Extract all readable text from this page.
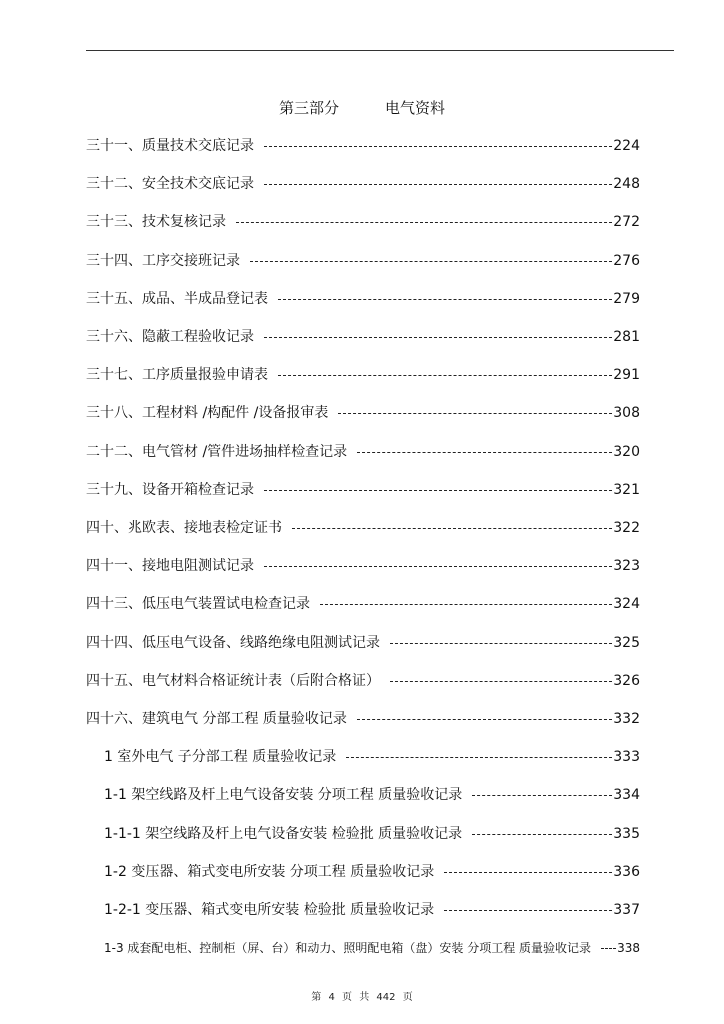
第三部分	电气资料
三十一、质量技术交底记录	224
三十二、安全技术交底记录	248
三十三、技术复核记录	272
三十四、工序交接班记录	276
三十五、成品、半成品登记表	279
三十六、隐蔽工程验收记录	281
三十七、工序质量报验申请表	291
三十八、工程材料 /构配件 /设备报审表	308
二十二、电气管材 /管件进场抽样检查记录	320
三十九、设备开箱检查记录	321
四十、兆欧表、接地表检定证书	322
四十一、接地电阻测试记录	323
四十三、低压电气装置试电检查记录	324
四十四、低压电气设备、线路绝缘电阻测试记录	325
四十五、电气材料合格证统计表（后附合格证）	326
四十六、建筑电气 分部工程 质量验收记录	332
1 室外电气 子分部工程 质量验收记录	333
1-1 架空线路及杆上电气设备安装 分项工程 质量验收记录	334
1-1-1 架空线路及杆上电气设备安装 检验批 质量验收记录	335
1-2 变压器、箱式变电所安装 分项工程 质量验收记录	336
1-2-1 变压器、箱式变电所安装 检验批 质量验收记录	337
1-3 成套配电柜、控制柜（屏、台）和动力、照明配电箱（盘）安装 分项工程 质量验收记录 338
第 4 页 共 442 页
